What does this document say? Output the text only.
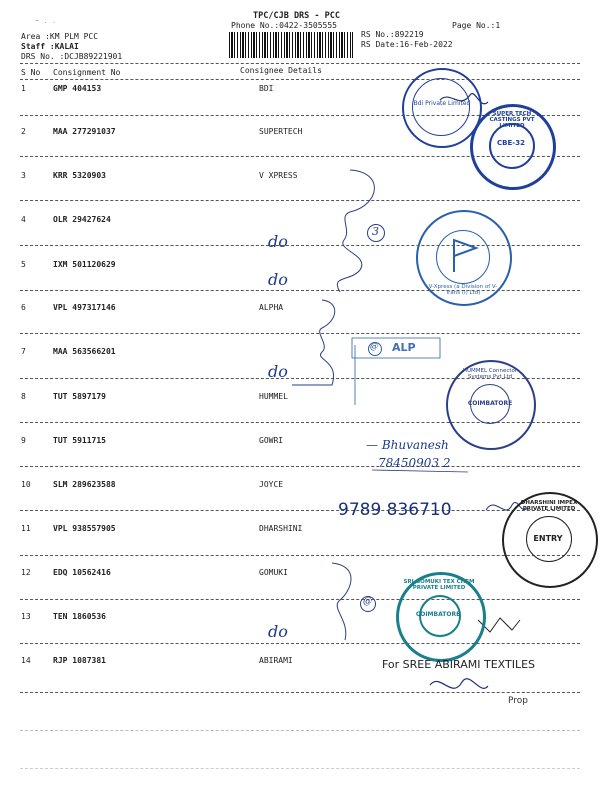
~ . .	TPC/CJB DRS - PCC
Phone No.:0422-3505555	Page No.:1
Area :KM PLM PCC
Staff :KALAI
DRS No. :DCJB89221901
RS No.:892219
RS Date:16-Feb-2022
S No Consignment No	Consignee Details
1	GMP 404153	BDI
2	MAA 277291037	SUPERTECH
3	KRR 5320903	V XPRESS
4	OLR 29427624
5	IXM 501120629
6	VPL 497317146	ALPHA
7	MAA 563566201
8	TUT 5897179	HUMMEL
9	TUT 5911715	GOWRI
10	SLM 289623588	JOYCE
11	VPL 938557905	DHARSHINI
12	EDQ 10562416	GOMUKI
13	TEN 1860536
14	RJP 1087381	ABIRAMI
do
do
do
do
3
@
@ ALP
— Bhuvanesh
78450903 2
9789 836710
Bdi Private Limited
SUPER TECH CASTINGS PVT LIMITED
CBE-32
V-Xpress (a Division of V-Trans (I) Ltd)
HUMMEL Connector Systems Pvt Ltd
COIMBATORE
DHARSHINI IMPEX PRIVATE LIMITED
ENTRY
SRI GOMUKI TEX CHEM PRIVATE LIMITED
COIMBATORE
For SREE ABIRAMI TEXTILES
Prop
